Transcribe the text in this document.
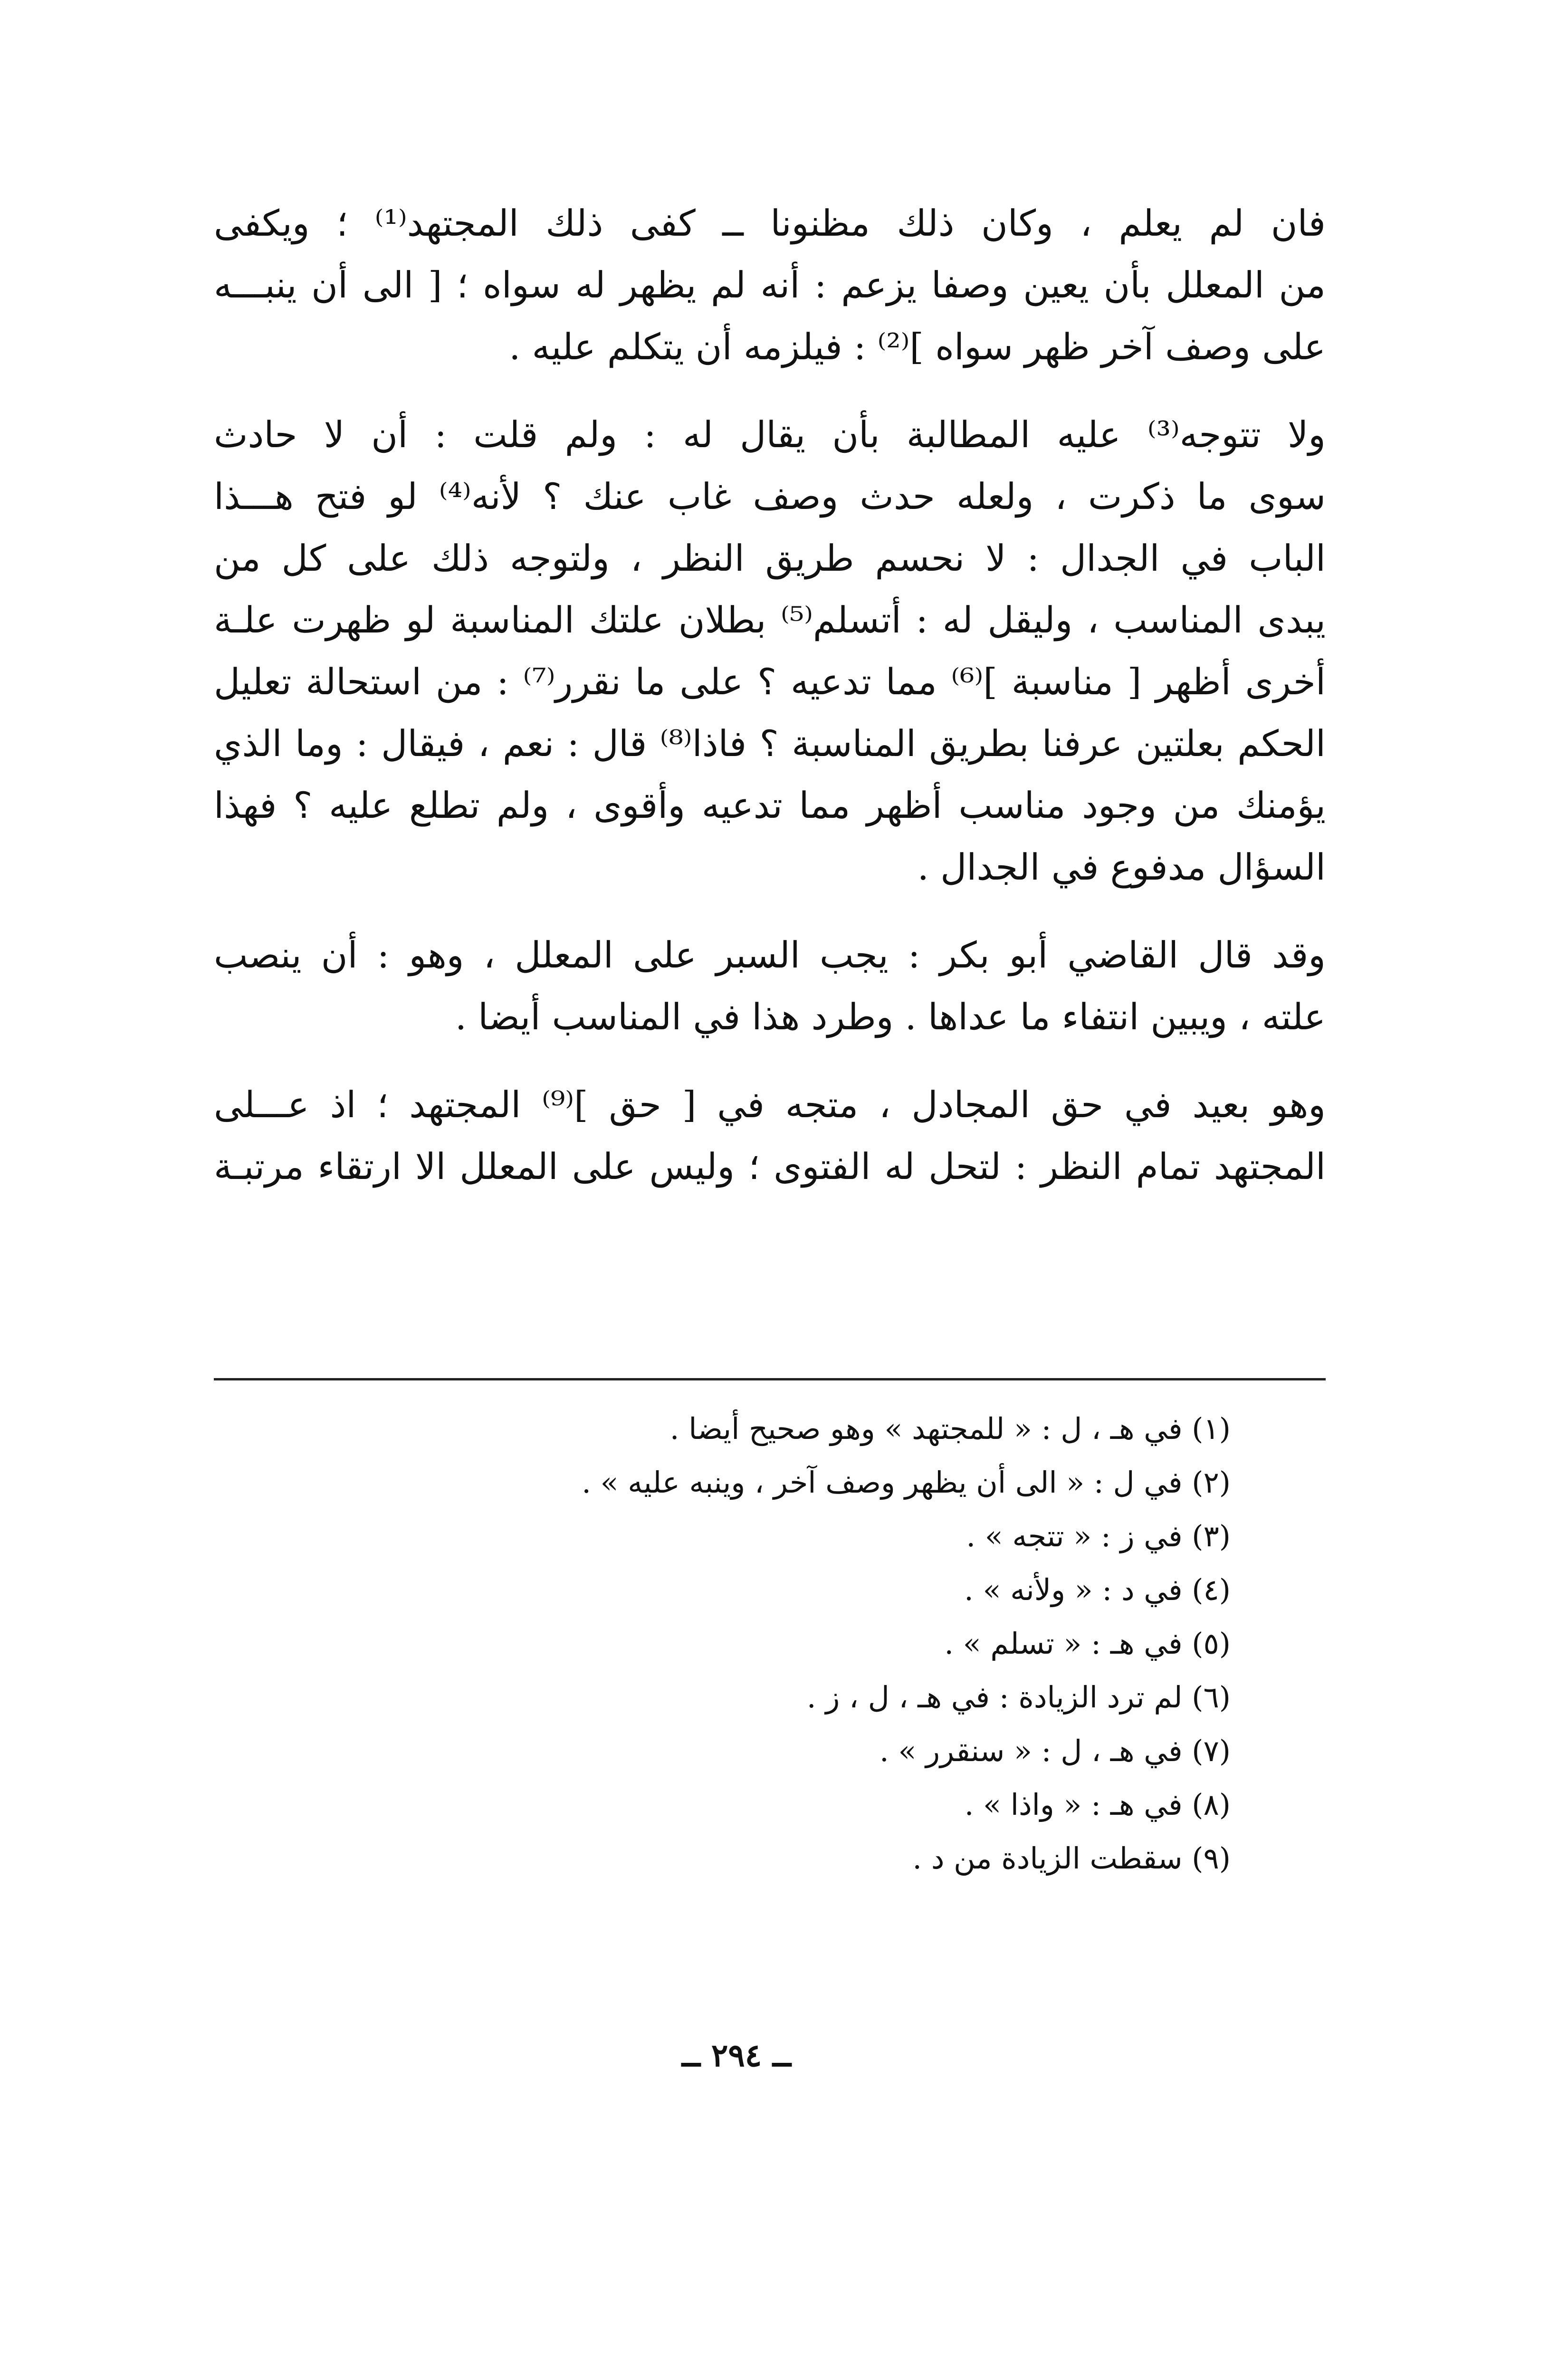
فان لم يعلم ، وكان ذلك مظنونا ــ كفى ذلك المجتهد⁽¹⁾ ؛ ويكفى
من المعلل بأن يعين وصفا يزعم : أنه لم يظهر له سواه ؛ [ الى أن ينبـــه
على وصف آخر ظهر سواه ]⁽²⁾ : فيلزمه أن يتكلم عليه .
ولا تتوجه⁽³⁾ عليه المطالبة بأن يقال له : ولم قلت : أن لا حادث
سوى ما ذكرت ، ولعله حدث وصف غاب عنك ؟ لأنه⁽⁴⁾ لو فتح هـــذا
الباب في الجدال : لا نحسم طريق النظر ، ولتوجه ذلك على كل من
يبدى المناسب ، وليقل له : أتسلم⁽⁵⁾ بطلان علتك المناسبة لو ظهرت علـة
أخرى أظهر [ مناسبة ]⁽⁶⁾ مما تدعيه ؟ على ما نقرر⁽⁷⁾ : من استحالة تعليل
الحكم بعلتين عرفنا بطريق المناسبة ؟ فاذا⁽⁸⁾ قال : نعم ، فيقال : وما الذي
يؤمنك من وجود مناسب أظهر مما تدعيه وأقوى ، ولم تطلع عليه ؟ فهذا
السؤال مدفوع في الجدال .
وقد قال القاضي أبو بكر : يجب السبر على المعلل ، وهو : أن ينصب
علته ، ويبين انتفاء ما عداها . وطرد هذا في المناسب أيضا .
وهو بعيد في حق المجادل ، متجه في [ حق ]⁽⁹⁾ المجتهد ؛ اذ عـــلى
المجتهد تمام النظر : لتحل له الفتوى ؛ وليس على المعلل الا ارتقاء مرتبـة
(١) في هـ ، ل : « للمجتهد » وهو صحيح أيضا .
(٢) في ل : « الى أن يظهر وصف آخر ، وينبه عليه » .
(٣) في ز : « تتجه » .
(٤) في د : « ولأنه » .
(٥) في هـ : « تسلم » .
(٦) لم ترد الزيادة : في هـ ، ل ، ز .
(٧) في هـ ، ل : « سنقرر » .
(٨) في هـ : « واذا » .
(٩) سقطت الزيادة من د .
ــ ٢٩٤ ــ
